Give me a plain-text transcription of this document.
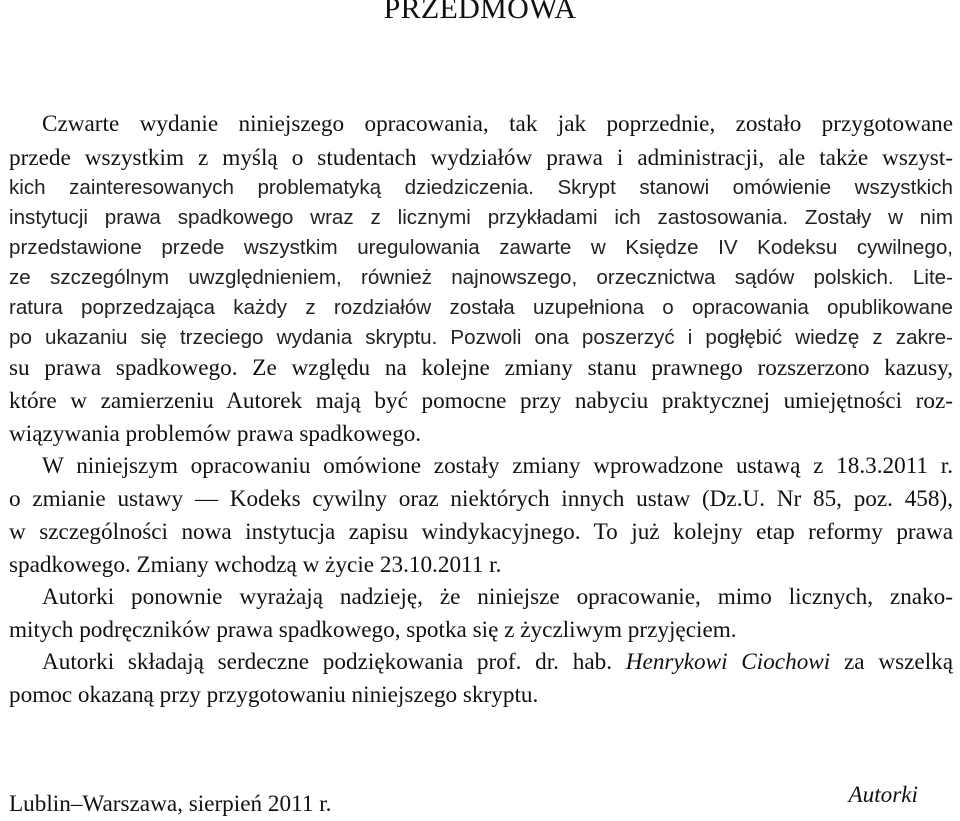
PRZEDMOWA
Czwarte wydanie niniejszego opracowania, tak jak poprzednie, zostało przygotowane
przede wszystkim z myślą o studentach wydziałów prawa i administracji, ale także wszyst-
kich zainteresowanych problematyką dziedziczenia. Skrypt stanowi omówienie wszystkich
instytucji prawa spadkowego wraz z licznymi przykładami ich zastosowania. Zostały w nim
przedstawione przede wszystkim uregulowania zawarte w Księdze IV Kodeksu cywilnego,
ze szczególnym uwzględnieniem, również najnowszego, orzecznictwa sądów polskich. Lite-
ratura poprzedzająca każdy z rozdziałów została uzupełniona o opracowania opublikowane
po ukazaniu się trzeciego wydania skryptu. Pozwoli ona poszerzyć i pogłębić wiedzę z zakre-
su prawa spadkowego. Ze względu na kolejne zmiany stanu prawnego rozszerzono kazusy,
które w zamierzeniu Autorek mają być pomocne przy nabyciu praktycznej umiejętności roz-
wiązywania problemów prawa spadkowego.
W niniejszym opracowaniu omówione zostały zmiany wprowadzone ustawą z 18.3.2011 r.
o zmianie ustawy — Kodeks cywilny oraz niektórych innych ustaw (Dz.U. Nr 85, poz. 458),
w szczególności nowa instytucja zapisu windykacyjnego. To już kolejny etap reformy prawa
spadkowego. Zmiany wchodzą w życie 23.10.2011 r.
Autorki ponownie wyrażają nadzieję, że niniejsze opracowanie, mimo licznych, znako-
mitych podręczników prawa spadkowego, spotka się z życzliwym przyjęciem.
Autorki składają serdeczne podziękowania prof. dr. hab. Henrykowi Ciochowi za wszelką
pomoc okazaną przy przygotowaniu niniejszego skryptu.
Autorki
Lublin–Warszawa, sierpień 2011 r.
